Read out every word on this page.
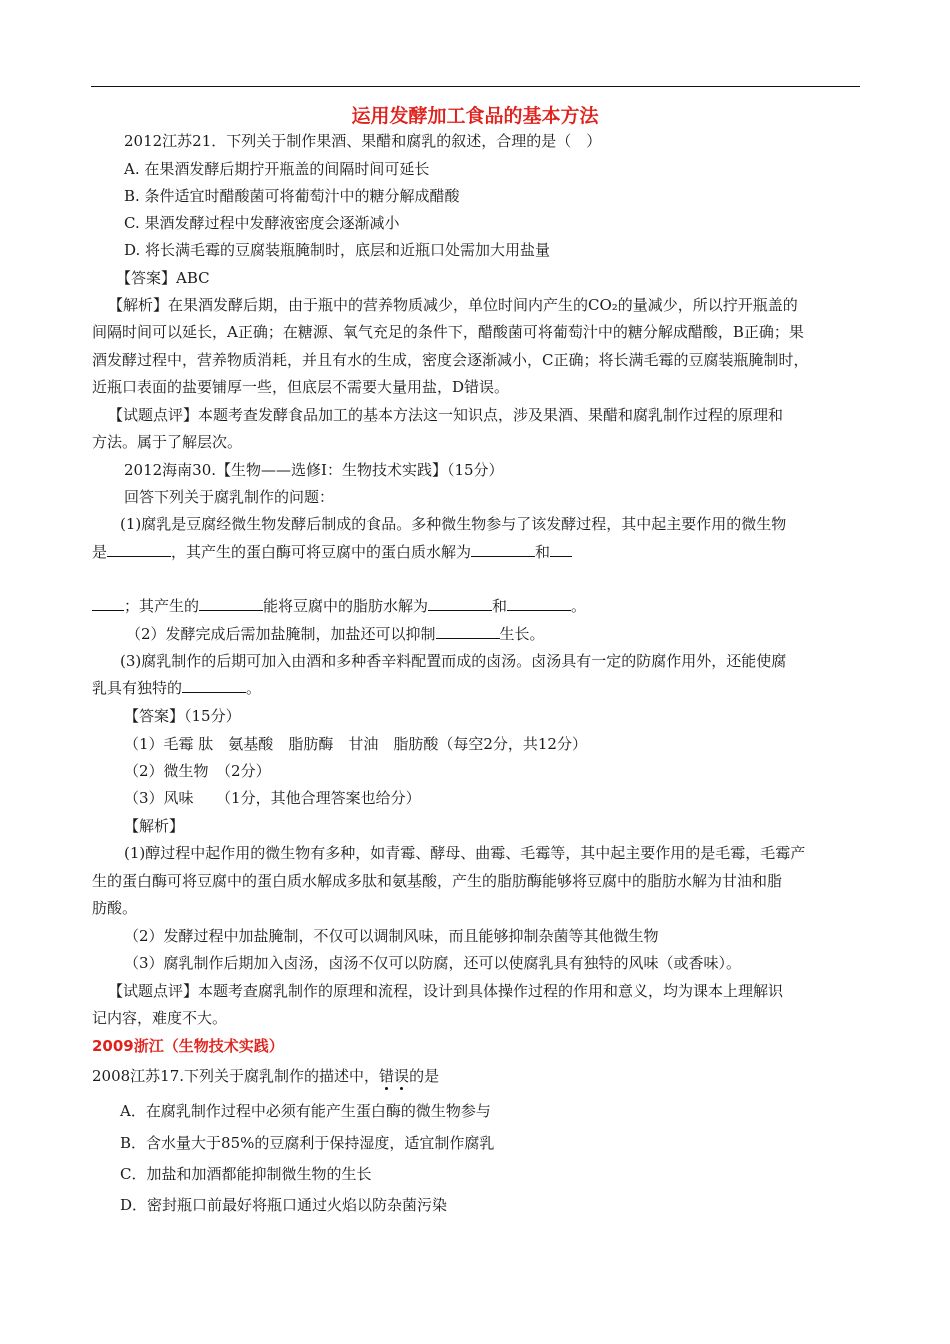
运用发酵加工食品的基本方法
2012江苏21．下列关于制作果酒、果醋和腐乳的叙述，合理的是（　）
A. 在果酒发酵后期拧开瓶盖的间隔时间可延长
B. 条件适宜时醋酸菌可将葡萄汁中的糖分解成醋酸
C. 果酒发酵过程中发酵液密度会逐渐减小
D. 将长满毛霉的豆腐装瓶腌制时，底层和近瓶口处需加大用盐量
【答案】ABC
【解析】在果酒发酵后期，由于瓶中的营养物质减少，单位时间内产生的CO₂的量减少，所以拧开瓶盖的
间隔时间可以延长，A正确；在糖源、氧气充足的条件下，醋酸菌可将葡萄汁中的糖分解成醋酸，B正确；果
酒发酵过程中，营养物质消耗，并且有水的生成，密度会逐渐减小，C正确；将长满毛霉的豆腐装瓶腌制时，
近瓶口表面的盐要铺厚一些，但底层不需要大量用盐，D错误。
【试题点评】本题考查发酵食品加工的基本方法这一知识点，涉及果酒、果醋和腐乳制作过程的原理和
方法。属于了解层次。
2012海南30.【生物——选修Ⅰ：生物技术实践】（15分）
回答下列关于腐乳制作的问题：
(1)腐乳是豆腐经微生物发酵后制成的食品。多种微生物参与了该发酵过程，其中起主要作用的微生物
是	，其产生的蛋白酶可将豆腐中的蛋白质水解为	和
；其产生的	能将豆腐中的脂肪水解为	和	。
（2）发酵完成后需加盐腌制，加盐还可以抑制	生长。
(3)腐乳制作的后期可加入由酒和多种香辛料配置而成的卤汤。卤汤具有一定的防腐作用外，还能使腐
乳具有独特的	。
【答案】（15分）
（1）毛霉 肽　氨基酸　脂肪酶　甘油　脂肪酸（每空2分，共12分）
（2）微生物　（2分）
（3）风味　　（1分，其他合理答案也给分）
【解析】
(1)醇过程中起作用的微生物有多种，如青霉、酵母、曲霉、毛霉等，其中起主要作用的是毛霉，毛霉产
生的蛋白酶可将豆腐中的蛋白质水解成多肽和氨基酸，产生的脂肪酶能够将豆腐中的脂肪水解为甘油和脂
肪酸。
（2）发酵过程中加盐腌制，不仅可以调制风味，而且能够抑制杂菌等其他微生物
（3）腐乳制作后期加入卤汤，卤汤不仅可以防腐，还可以使腐乳具有独特的风味（或香味）。
【试题点评】本题考查腐乳制作的原理和流程，设计到具体操作过程的作用和意义，均为课本上理解识
记内容，难度不大。
2009浙江（生物技术实践）
2008江苏17.下列关于腐乳制作的描述中，错误的是
A．在腐乳制作过程中必须有能产生蛋白酶的微生物参与
B．含水量大于85%的豆腐利于保持湿度，适宜制作腐乳
C．加盐和加酒都能抑制微生物的生长
D．密封瓶口前最好将瓶口通过火焰以防杂菌污染
